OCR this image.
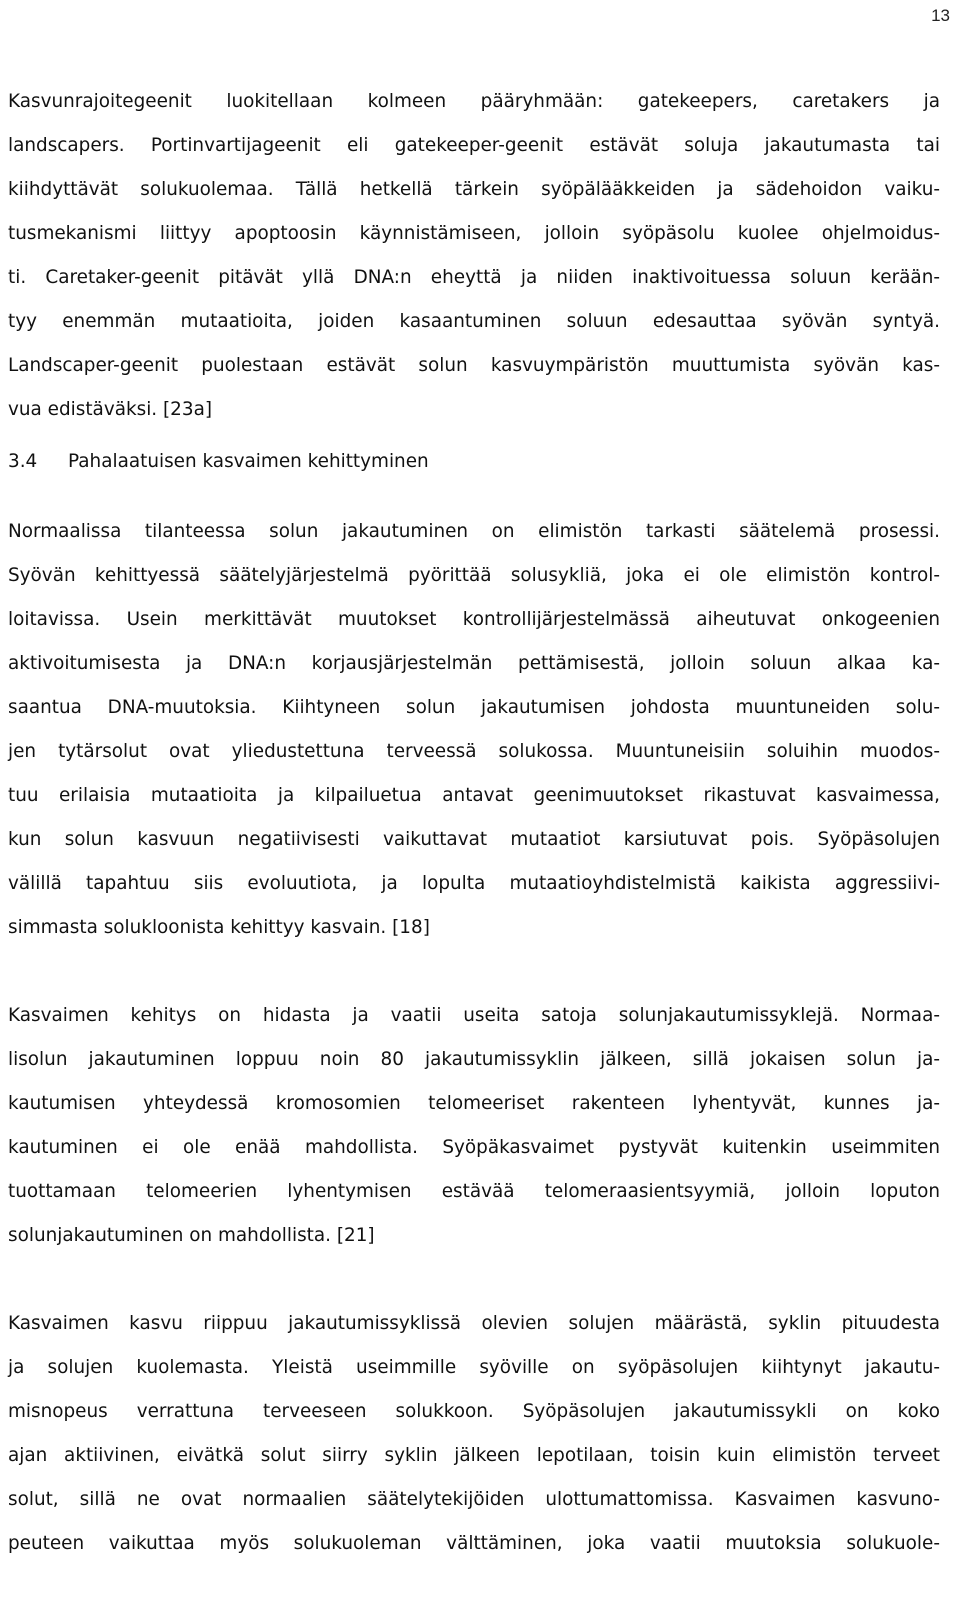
13
Kasvunrajoitegeenit luokitellaan kolmeen pääryhmään: gatekeepers, caretakers ja
landscapers. Portinvartijageenit eli gatekeeper-geenit estävät soluja jakautumasta tai
kiihdyttävät solukuolemaa. Tällä hetkellä tärkein syöpälääkkeiden ja sädehoidon vaiku-
tusmekanismi liittyy apoptoosin käynnistämiseen, jolloin syöpäsolu kuolee ohjelmoidus-
ti. Caretaker-geenit pitävät yllä DNA:n eheyttä ja niiden inaktivoituessa soluun kerään-
tyy enemmän mutaatioita, joiden kasaantuminen soluun edesauttaa syövän syntyä.
Landscaper-geenit puolestaan estävät solun kasvuympäristön muuttumista syövän kas-
vua edistäväksi. [23a]
3.4	Pahalaatuisen kasvaimen kehittyminen
Normaalissa tilanteessa solun jakautuminen on elimistön tarkasti säätelemä prosessi.
Syövän kehittyessä säätelyjärjestelmä pyörittää solusykliä, joka ei ole elimistön kontrol-
loitavissa. Usein merkittävät muutokset kontrollijärjestelmässä aiheutuvat onkogeenien
aktivoitumisesta ja DNA:n korjausjärjestelmän pettämisestä, jolloin soluun alkaa ka-
saantua DNA-muutoksia. Kiihtyneen solun jakautumisen johdosta muuntuneiden solu-
jen tytärsolut ovat yliedustettuna terveessä solukossa. Muuntuneisiin soluihin muodos-
tuu erilaisia mutaatioita ja kilpailuetua antavat geenimuutokset rikastuvat kasvaimessa,
kun solun kasvuun negatiivisesti vaikuttavat mutaatiot karsiutuvat pois. Syöpäsolujen
välillä tapahtuu siis evoluutiota, ja lopulta mutaatioyhdistelmistä kaikista aggressiivi-
simmasta solukloonista kehittyy kasvain. [18]
Kasvaimen kehitys on hidasta ja vaatii useita satoja solunjakautumissyklejä. Normaa-
lisolun jakautuminen loppuu noin 80 jakautumissyklin jälkeen, sillä jokaisen solun ja-
kautumisen yhteydessä kromosomien telomeeriset rakenteen lyhentyvät, kunnes ja-
kautuminen ei ole enää mahdollista. Syöpäkasvaimet pystyvät kuitenkin useimmiten
tuottamaan telomeerien lyhentymisen estävää telomeraasientsyymiä, jolloin loputon
solunjakautuminen on mahdollista. [21]
Kasvaimen kasvu riippuu jakautumissyklissä olevien solujen määrästä, syklin pituudesta
ja solujen kuolemasta. Yleistä useimmille syöville on syöpäsolujen kiihtynyt jakautu-
misnopeus verrattuna terveeseen solukkoon. Syöpäsolujen jakautumissykli on koko
ajan aktiivinen, eivätkä solut siirry syklin jälkeen lepotilaan, toisin kuin elimistön terveet
solut, sillä ne ovat normaalien säätelytekijöiden ulottumattomissa. Kasvaimen kasvuno-
peuteen vaikuttaa myös solukuoleman välttäminen, joka vaatii muutoksia solukuole-
